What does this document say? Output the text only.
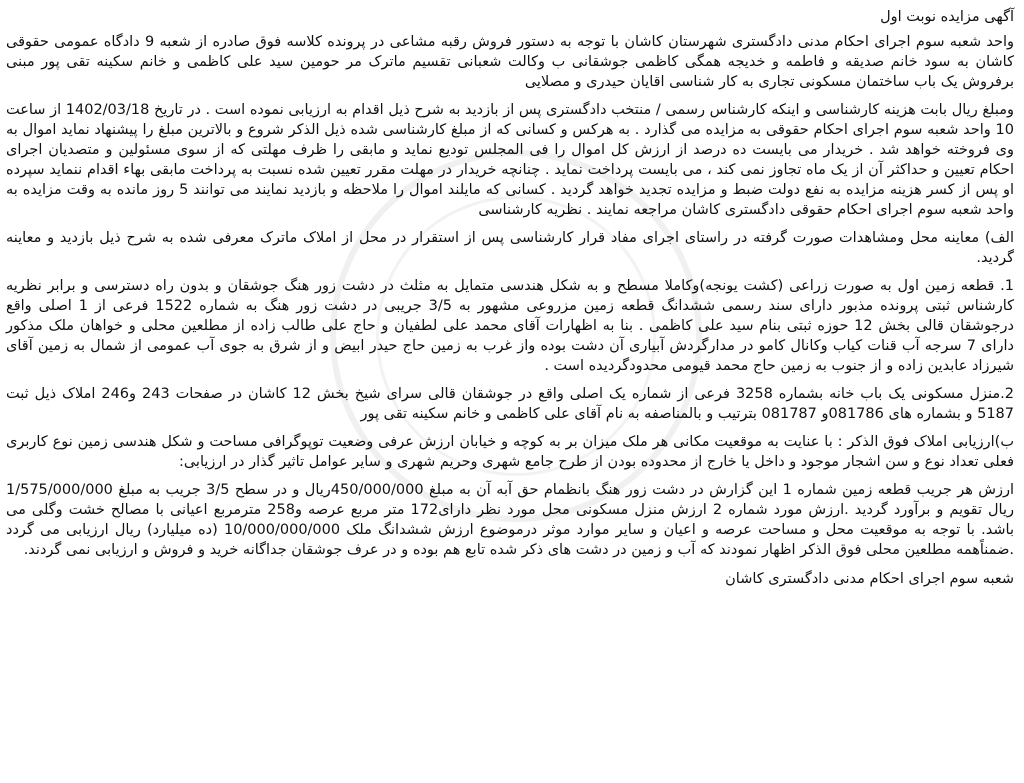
آگهی مزایده نوبت اول

واحد شعبه سوم اجرای احکام مدنی دادگستری شهرستان کاشان با توجه به دستور فروش رقبه مشاعی در پرونده کلاسه فوق صادره از شعبه 9 دادگاه عمومی حقوقی کاشان به سود خانم صدیقه و فاطمه و خدیجه همگی کاظمی جوشقانی ب وکالت شعبانی تقسیم ماترک مر حومین سید علی کاظمی و خانم سکینه تقی پور مبنی برفروش یک باب ساختمان مسکونی تجاری به کار شناسی اقایان حیدری و مصلایی

ومبلغ ریال بابت هزینه کارشناسی و اینکه کارشناس رسمی / منتخب دادگستری پس از بازدید به شرح ذیل اقدام به ارزیابی نموده است . در تاریخ 1402/03/18 از ساعت 10 واحد شعبه سوم اجرای احکام حقوقی به مزایده می گذارد . به هرکس و کسانی که از مبلغ کارشناسی شده ذیل الذکر شروع و بالاترین مبلغ را پیشنهاد نماید اموال به وی فروخته خواهد شد . خریدار می بایست ده درصد از ارزش کل اموال را فی المجلس تودیع نماید و مابقی را ظرف مهلتی که از سوی مسئولین و متصدیان اجرای احکام تعیین و حداکثر آن از یک ماه تجاوز نمی کند ، می بایست پرداخت نماید . چنانچه خریدار در مهلت مقرر تعیین شده نسبت به پرداخت مابقی بهاء اقدام ننماید سپرده او پس از کسر هزینه مزایده به نفع دولت ضبط و مزایده تجدید خواهد گردید . کسانی که مایلند اموال را ملاحظه و بازدید نمایند می توانند 5 روز مانده به وقت مزایده به واحد شعبه سوم اجرای احکام حقوقی دادگستری کاشان مراجعه نمایند . نظریه کارشناسی

الف) معاینه محل ومشاهدات صورت گرفته در راستای اجرای مفاد قرار کارشناسی پس از استقرار در محل از املاک ماترک معرفی شده به شرح ذیل بازدید و معاینه گردید.

1. قطعه زمین اول به صورت زراعی (کشت یونجه)وکاملا مسطح و به شکل هندسی متمایل به مثلث در دشت زور هنگ جوشقان و بدون راه دسترسی و برابر نظریه کارشناس ثبتی پرونده مذبور دارای سند رسمی ششدانگ قطعه زمین مزروعی مشهور به 3/5 جریبی در دشت زور هنگ به شماره 1522 فرعی از 1 اصلی واقع درجوشقان قالی بخش 12 حوزه ثبتی بنام سید علی کاظمی . بنا به اظهارات آقای محمد علی لطفیان و حاج علی طالب زاده از مطلعین محلی و خواهان ملک مذکور دارای 7 سرجه آب قنات کیاب وکانال کامو در مدارگردش آبیاری آن دشت بوده واز غرب به زمین حاج حیدر ابیض و از شرق به جوی آب عمومی از شمال به زمین آقای شیرزاد عابدین زاده و از جنوب به زمین حاج محمد قیومی محدودگردیده است .

2.منزل مسکونی یک باب خانه بشماره 3258 فرعی از شماره یک اصلی واقع در جوشقان قالی سرای شیخ بخش 12 کاشان در صفحات 243 و246 املاک ذیل ثبت 5187 و بشماره های 081786و 081787 بترتیب و بالمناصفه به نام آقای علی کاظمی و خانم سکینه تقی پور

ب)ارزیابی املاک فوق الذکر : با عنایت به موقعیت مکانی هر ملک میزان بر به کوچه و خیابان ارزش عرفی وضعیت توپوگرافی مساحت و شکل هندسی زمین نوع کاربری فعلی تعداد نوع و سن اشجار موجود و داخل یا خارج از محدوده بودن از طرح جامع شهری وحریم شهری و سایر عوامل تاثیر گذار در ارزیابی:

ارزش هر جریب قطعه زمین شماره 1 این گزارش در دشت زور هنگ بانظمام حق آبه آن به مبلغ 450/000/000ریال و در سطح 3/5 جریب به مبلغ 1/575/000/000 ریال تقویم و برآورد گردید .ارزش مورد شماره 2 ارزش منزل مسکونی محل مورد نظر دارای172 متر مربع عرصه و258 مترمربع اعیانی با مصالح خشت وگلی می باشد. با توجه به موقعیت محل و مساحت عرصه و اعیان و سایر موارد موثر درموضوع ارزش ششدانگ ملک 10/000/000/000 (ده میلیارد) ریال ارزیابی می گردد .ضمناًهمه مطلعین محلی فوق الذکر اظهار نمودند که آب و زمین در دشت های ذکر شده تابع هم بوده و در عرف جوشقان جداگانه خرید و فروش و ارزیابی نمی گردند.

شعبه سوم اجرای احکام مدنی دادگستری کاشان
